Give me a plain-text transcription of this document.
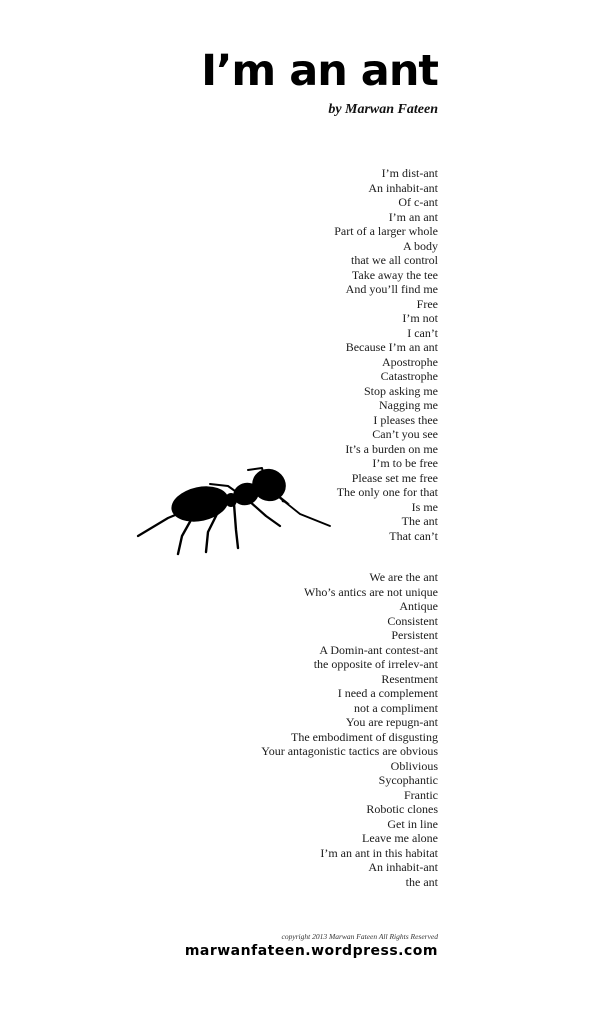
I’m an ant

by Marwan Fateen

I’m dist-ant
An inhabit-ant
Of c-ant
I’m an ant
Part of a larger whole
A body
that we all control
Take away the tee
And you’ll find me
Free
I’m not
I can’t
Because I’m an ant
Apostrophe
Catastrophe
Stop asking me
Nagging me
I pleases thee
Can’t you see
It’s a burden on me
I’m to be free
Please set me free
The only one for that
Is me
The ant
That can’t
We are the ant
Who’s antics are not unique
Antique
Consistent
Persistent
A Domin-ant contest-ant
the opposite of irrelev-ant
Resentment
I need a complement
not a compliment
You are repugn-ant
The embodiment of disgusting
Your antagonistic tactics are obvious
Oblivious
Sycophantic
Frantic
Robotic clones
Get in line
Leave me alone
I’m an ant in this habitat
An inhabit-ant
the ant

copyright 2013 Marwan Fateen All Rights Reserved

marwanfateen.wordpress.com
